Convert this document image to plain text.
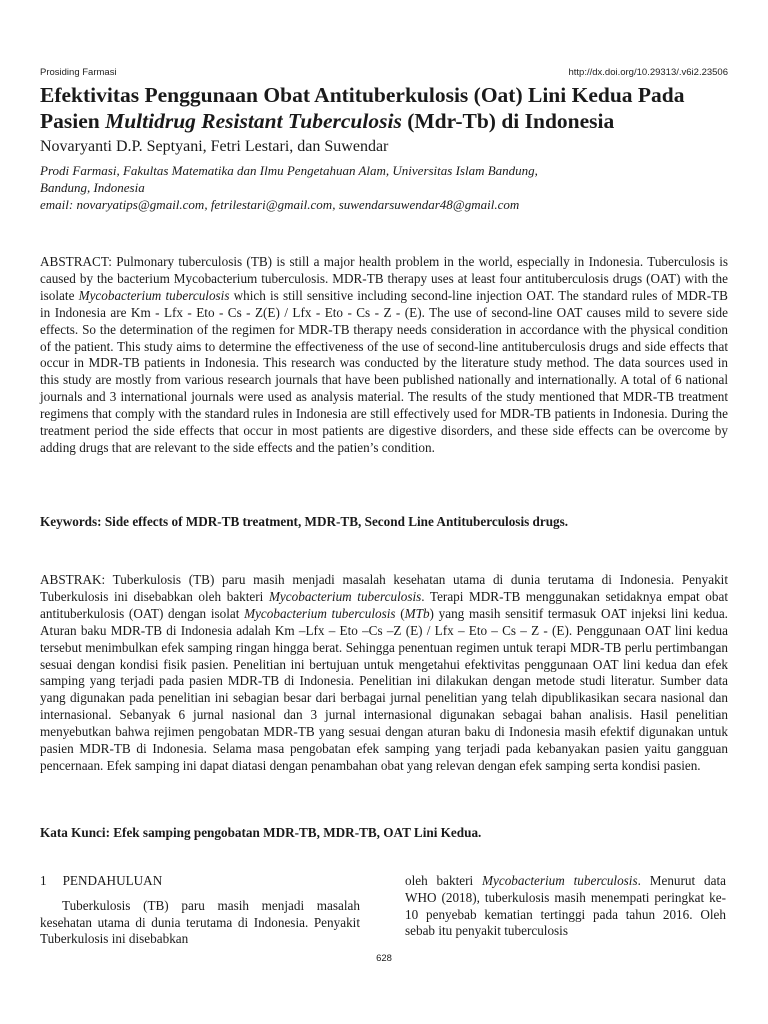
Prosiding Farmasi	http://dx.doi.org/10.29313/.v6i2.23506
Efektivitas Penggunaan Obat Antituberkulosis (Oat) Lini Kedua Pada Pasien Multidrug Resistant Tuberculosis (Mdr-Tb) di Indonesia
Novaryanti D.P. Septyani, Fetri Lestari, dan Suwendar
Prodi Farmasi, Fakultas Matematika dan Ilmu Pengetahuan Alam, Universitas Islam Bandung,
Bandung, Indonesia
email: novaryatips@gmail.com, fetrilestari@gmail.com, suwendarsuwendar48@gmail.com
ABSTRACT: Pulmonary tuberculosis (TB) is still a major health problem in the world, especially in Indonesia. Tuberculosis is caused by the bacterium Mycobacterium tuberculosis. MDR-TB therapy uses at least four antituberculosis drugs (OAT) with the isolate Mycobacterium tuberculosis which is still sensitive including second-line injection OAT. The standard rules of MDR-TB in Indonesia are Km - Lfx - Eto - Cs - Z(E) / Lfx - Eto - Cs - Z - (E). The use of second-line OAT causes mild to severe side effects. So the determination of the regimen for MDR-TB therapy needs consideration in accordance with the physical condition of the patient. This study aims to determine the effectiveness of the use of second-line antituberculosis drugs and side effects that occur in MDR-TB patients in Indonesia. This research was conducted by the literature study method. The data sources used in this study are mostly from various research journals that have been published nationally and internationally. A total of 6 national journals and 3 international journals were used as analysis material. The results of the study mentioned that MDR-TB treatment regimens that comply with the standard rules in Indonesia are still effectively used for MDR-TB patients in Indonesia. During the treatment period the side effects that occur in most patients are digestive disorders, and these side effects can be overcome by adding drugs that are relevant to the side effects and the patien’s condition.
Keywords: Side effects of MDR-TB treatment, MDR-TB, Second Line Antituberculosis drugs.
ABSTRAK: Tuberkulosis (TB) paru masih menjadi masalah kesehatan utama di dunia terutama di Indonesia. Penyakit Tuberkulosis ini disebabkan oleh bakteri Mycobacterium tuberculosis. Terapi MDR-TB menggunakan setidaknya empat obat antituberkulosis (OAT) dengan isolat Mycobacterium tuberculosis (MTb) yang masih sensitif termasuk OAT injeksi lini kedua. Aturan baku MDR-TB di Indonesia adalah Km –Lfx – Eto –Cs –Z (E) / Lfx – Eto – Cs – Z - (E). Penggunaan OAT lini kedua tersebut menimbulkan efek samping ringan hingga berat. Sehingga penentuan regimen untuk terapi MDR-TB perlu pertimbangan sesuai dengan kondisi fisik pasien. Penelitian ini bertujuan untuk mengetahui efektivitas penggunaan OAT lini kedua dan efek samping yang terjadi pada pasien MDR-TB di Indonesia. Penelitian ini dilakukan dengan metode studi literatur. Sumber data yang digunakan pada penelitian ini sebagian besar dari berbagai jurnal penelitian yang telah dipublikasikan secara nasional dan internasional. Sebanyak 6 jurnal nasional dan 3 jurnal internasional digunakan sebagai bahan analisis. Hasil penelitian menyebutkan bahwa rejimen pengobatan MDR-TB yang sesuai dengan aturan baku di Indonesia masih efektif digunakan untuk pasien MDR-TB di Indonesia. Selama masa pengobatan efek samping yang terjadi pada kebanyakan pasien yaitu gangguan pencernaan. Efek samping ini dapat diatasi dengan penambahan obat yang relevan dengan efek samping serta kondisi pasien.
Kata Kunci: Efek samping pengobatan MDR-TB, MDR-TB, OAT Lini Kedua.
1 PENDAHULUAN
Tuberkulosis (TB) paru masih menjadi masalah kesehatan utama di dunia terutama di Indonesia. Penyakit Tuberkulosis ini disebabkan
oleh bakteri Mycobacterium tuberculosis. Menurut data WHO (2018), tuberkulosis masih menempati peringkat ke-10 penyebab kematian tertinggi pada tahun 2016. Oleh sebab itu penyakit tuberculosis
628
